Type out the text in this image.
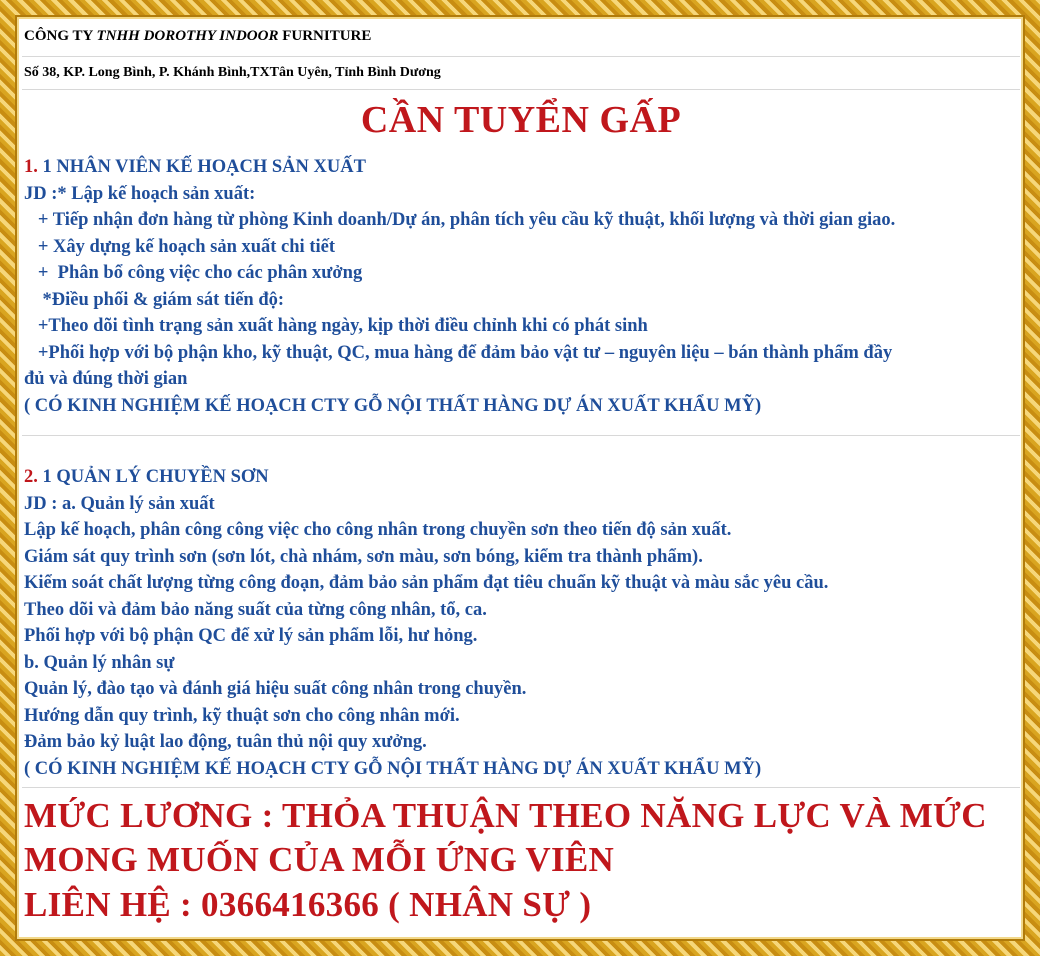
CÔNG TY TNHH DOROTHY INDOOR FURNITURE
Số 38, KP. Long Bình, P. Khánh Bình,TXTân Uyên, Tỉnh Bình Dương
CẦN TUYỂN GẤP
1. 1 NHÂN VIÊN KẾ HOẠCH SẢN XUẤT
JD :* Lập kế hoạch sản xuất:
+ Tiếp nhận đơn hàng từ phòng Kinh doanh/Dự án, phân tích yêu cầu kỹ thuật, khối lượng và thời gian giao.
+ Xây dựng kế hoạch sản xuất chi tiết
+  Phân bổ công việc cho các phân xưởng
*Điều phối & giám sát tiến độ:
+Theo dõi tình trạng sản xuất hàng ngày, kịp thời điều chỉnh khi có phát sinh
+Phối hợp với bộ phận kho, kỹ thuật, QC, mua hàng để đảm bảo vật tư – nguyên liệu – bán thành phẩm đầy
đủ và đúng thời gian
( CÓ KINH NGHIỆM KẾ HOẠCH CTY GỖ NỘI THẤT HÀNG DỰ ÁN XUẤT KHẨU MỸ)
2. 1 QUẢN LÝ CHUYỀN SƠN
JD : a. Quản lý sản xuất
Lập kế hoạch, phân công công việc cho công nhân trong chuyền sơn theo tiến độ sản xuất.
Giám sát quy trình sơn (sơn lót, chà nhám, sơn màu, sơn bóng, kiểm tra thành phẩm).
Kiểm soát chất lượng từng công đoạn, đảm bảo sản phẩm đạt tiêu chuẩn kỹ thuật và màu sắc yêu cầu.
Theo dõi và đảm bảo năng suất của từng công nhân, tổ, ca.
Phối hợp với bộ phận QC để xử lý sản phẩm lỗi, hư hỏng.
b. Quản lý nhân sự
Quản lý, đào tạo và đánh giá hiệu suất công nhân trong chuyền.
Hướng dẫn quy trình, kỹ thuật sơn cho công nhân mới.
Đảm bảo kỷ luật lao động, tuân thủ nội quy xưởng.
( CÓ KINH NGHIỆM KẾ HOẠCH CTY GỖ NỘI THẤT HÀNG DỰ ÁN XUẤT KHẨU MỸ)
MỨC LƯƠNG : THỎA THUẬN THEO NĂNG LỰC VÀ MỨC
MONG MUỐN CỦA MỖI ỨNG VIÊN
LIÊN HỆ : 0366416366 ( NHÂN SỰ )
